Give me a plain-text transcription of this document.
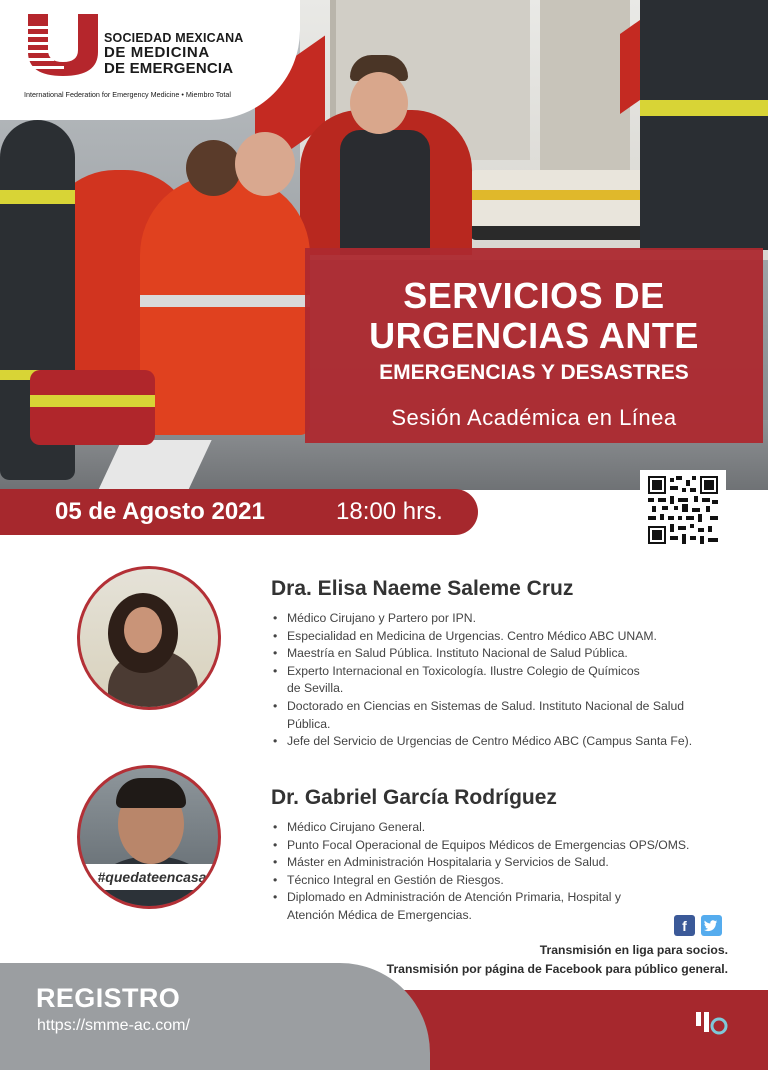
SOCIEDAD MEXICANA
DE MEDICINA
DE EMERGENCIA
International Federation for Emergency Medicine • Miembro Total
SERVICIOS DE
URGENCIAS ANTE
EMERGENCIAS Y DESASTRES
Sesión Académica en Línea
05 de Agosto 2021	18:00 hrs.
Dra. Elisa Naeme Saleme Cruz
• Médico Cirujano y Partero por IPN.
• Especialidad en Medicina de Urgencias. Centro Médico ABC UNAM.
• Maestría en Salud Pública. Instituto Nacional de Salud Pública.
• Experto Internacional en Toxicología. Ilustre Colegio de Químicos de Sevilla.
• Doctorado en Ciencias en Sistemas de Salud. Instituto Nacional de Salud Pública.
• Jefe del Servicio de Urgencias de Centro Médico ABC (Campus Santa Fe).
#quedateencasa
Dr. Gabriel García Rodríguez
• Médico Cirujano General.
• Punto Focal Operacional de Equipos Médicos de Emergencias OPS/OMS.
• Máster en Administración Hospitalaria y Servicios de Salud.
• Técnico Integral en Gestión de Riesgos.
• Diplomado en Administración de Atención Primaria, Hospital y Atención Médica de Emergencias.
f
Transmisión en liga para socios.
Transmisión por página de Facebook para público general.
REGISTRO
https://smme-ac.com/
